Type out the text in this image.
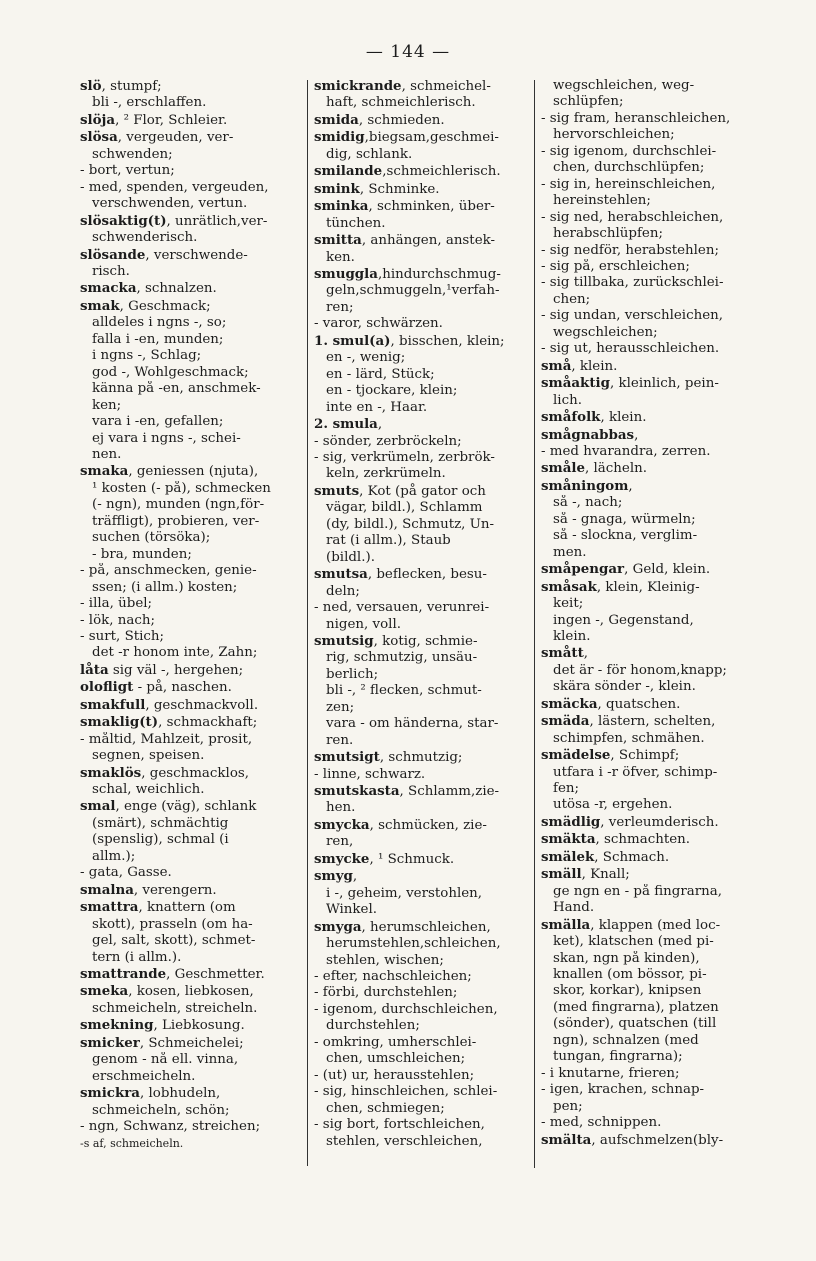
— 144 —
slö, stumpf;
bli -, erschlaffen.
slöja, ² Flor, Schleier.
slösa, vergeuden, ver-
schwenden;
- bort, vertun;
- med, spenden, vergeuden,
verschwenden, vertun.
slösaktig(t), unrätlich,ver-
schwenderisch.
slösande, verschwende-
risch.
smacka, schnalzen.
smak, Geschmack;
alldeles i ngns -, so;
falla i -en, munden;
i ngns -, Schlag;
god -, Wohlgeschmack;
känna på -en, anschmek-
ken;
vara i -en, gefallen;
ej vara i ngns -, schei-
nen.
smaka, geniessen (njuta),
¹ kosten (- på), schmecken
(- ngn), munden (ngn,för-
träffligt), probieren, ver-
suchen (törsöka);
- bra, munden;
- på, anschmecken, genie-
ssen; (i allm.) kosten;
- illa, übel;
- lök, nach;
- surt, Stich;
det -r honom inte, Zahn;
låta sig väl -, hergehen;
olofligt - på, naschen.
smakfull, geschmackvoll.
smaklig(t), schmackhaft;
- måltid, Mahlzeit, prosit,
segnen, speisen.
smaklös, geschmacklos,
schal, weichlich.
smal, enge (väg), schlank
(smärt), schmächtig
(spenslig), schmal (i
allm.);
- gata, Gasse.
smalna, verengern.
smattra, knattern (om
skott), prasseln (om ha-
gel, salt, skott), schmet-
tern (i allm.).
smattrande, Geschmetter.
smeka, kosen, liebkosen,
schmeicheln, streicheln.
smekning, Liebkosung.
smicker, Schmeichelei;
genom - nå ell. vinna,
erschmeicheln.
smickra, lobhudeln,
schmeicheln, schön;
- ngn, Schwanz, streichen;
-s af, schmeicheln.
smickrande, schmeichel-
haft, schmeichlerisch.
smida, schmieden.
smidig,biegsam,geschmei-
dig, schlank.
smilande,schmeichlerisch.
smink, Schminke.
sminka, schminken, über-
tünchen.
smitta, anhängen, anstek-
ken.
smuggla,hindurchschmug-
geln,schmuggeln,¹verfah-
ren;
- varor, schwärzen.
1. smul(a), bisschen, klein;
en -, wenig;
en - lärd, Stück;
en - tjockare, klein;
inte en -, Haar.
2. smula,
- sönder, zerbröckeln;
- sig, verkrümeln, zerbrök-
keln, zerkrümeln.
smuts, Kot (på gator och
vägar, bildl.), Schlamm
(dy, bildl.), Schmutz, Un-
rat (i allm.), Staub
(bildl.).
smutsa, beflecken, besu-
deln;
- ned, versauen, verunrei-
nigen, voll.
smutsig, kotig, schmie-
rig, schmutzig, unsäu-
berlich;
bli -, ² flecken, schmut-
zen;
vara - om händerna, star-
ren.
smutsigt, schmutzig;
- linne, schwarz.
smutskasta, Schlamm,zie-
hen.
smycka, schmücken, zie-
ren,
smycke, ¹ Schmuck.
smyg,
i -, geheim, verstohlen,
Winkel.
smyga, herumschleichen,
herumstehlen,schleichen,
stehlen, wischen;
- efter, nachschleichen;
- förbi, durchstehlen;
- igenom, durchschleichen,
durchstehlen;
- omkring, umherschlei-
chen, umschleichen;
- (ut) ur, herausstehlen;
- sig, hinschleichen, schlei-
chen, schmiegen;
- sig bort, fortschleichen,
stehlen, verschleichen,
wegschleichen, weg-
schlüpfen;
- sig fram, heranschleichen,
hervorschleichen;
- sig igenom, durchschlei-
chen, durchschlüpfen;
- sig in, hereinschleichen,
hereinstehlen;
- sig ned, herabschleichen,
herabschlüpfen;
- sig nedför, herabstehlen;
- sig på, erschleichen;
- sig tillbaka, zurückschlei-
chen;
- sig undan, verschleichen,
wegschleichen;
- sig ut, herausschleichen.
små, klein.
småaktig, kleinlich, pein-
lich.
småfolk, klein.
smågnabbas,
- med hvarandra, zerren.
småle, lächeln.
småningom,
så -, nach;
så - gnaga, würmeln;
så - slockna, verglim-
men.
småpengar, Geld, klein.
småsak, klein, Kleinig-
keit;
ingen -, Gegenstand,
klein.
smått,
det är - för honom,knapp;
skära sönder -, klein.
smäcka, quatschen.
smäda, lästern, schelten,
schimpfen, schmähen.
smädelse, Schimpf;
utfara i -r öfver, schimp-
fen;
utösa -r, ergehen.
smädlig, verleumderisch.
smäkta, schmachten.
smälek, Schmach.
smäll, Knall;
ge ngn en - på fingrarna,
Hand.
smälla, klappen (med loc-
ket), klatschen (med pi-
skan, ngn på kinden),
knallen (om bössor, pi-
skor, korkar), knipsen
(med fingrarna), platzen
(sönder), quatschen (till
ngn), schnalzen (med
tungan, fingrarna);
- i knutarne, frieren;
- igen, krachen, schnap-
pen;
- med, schnippen.
smälta, aufschmelzen(bly-
